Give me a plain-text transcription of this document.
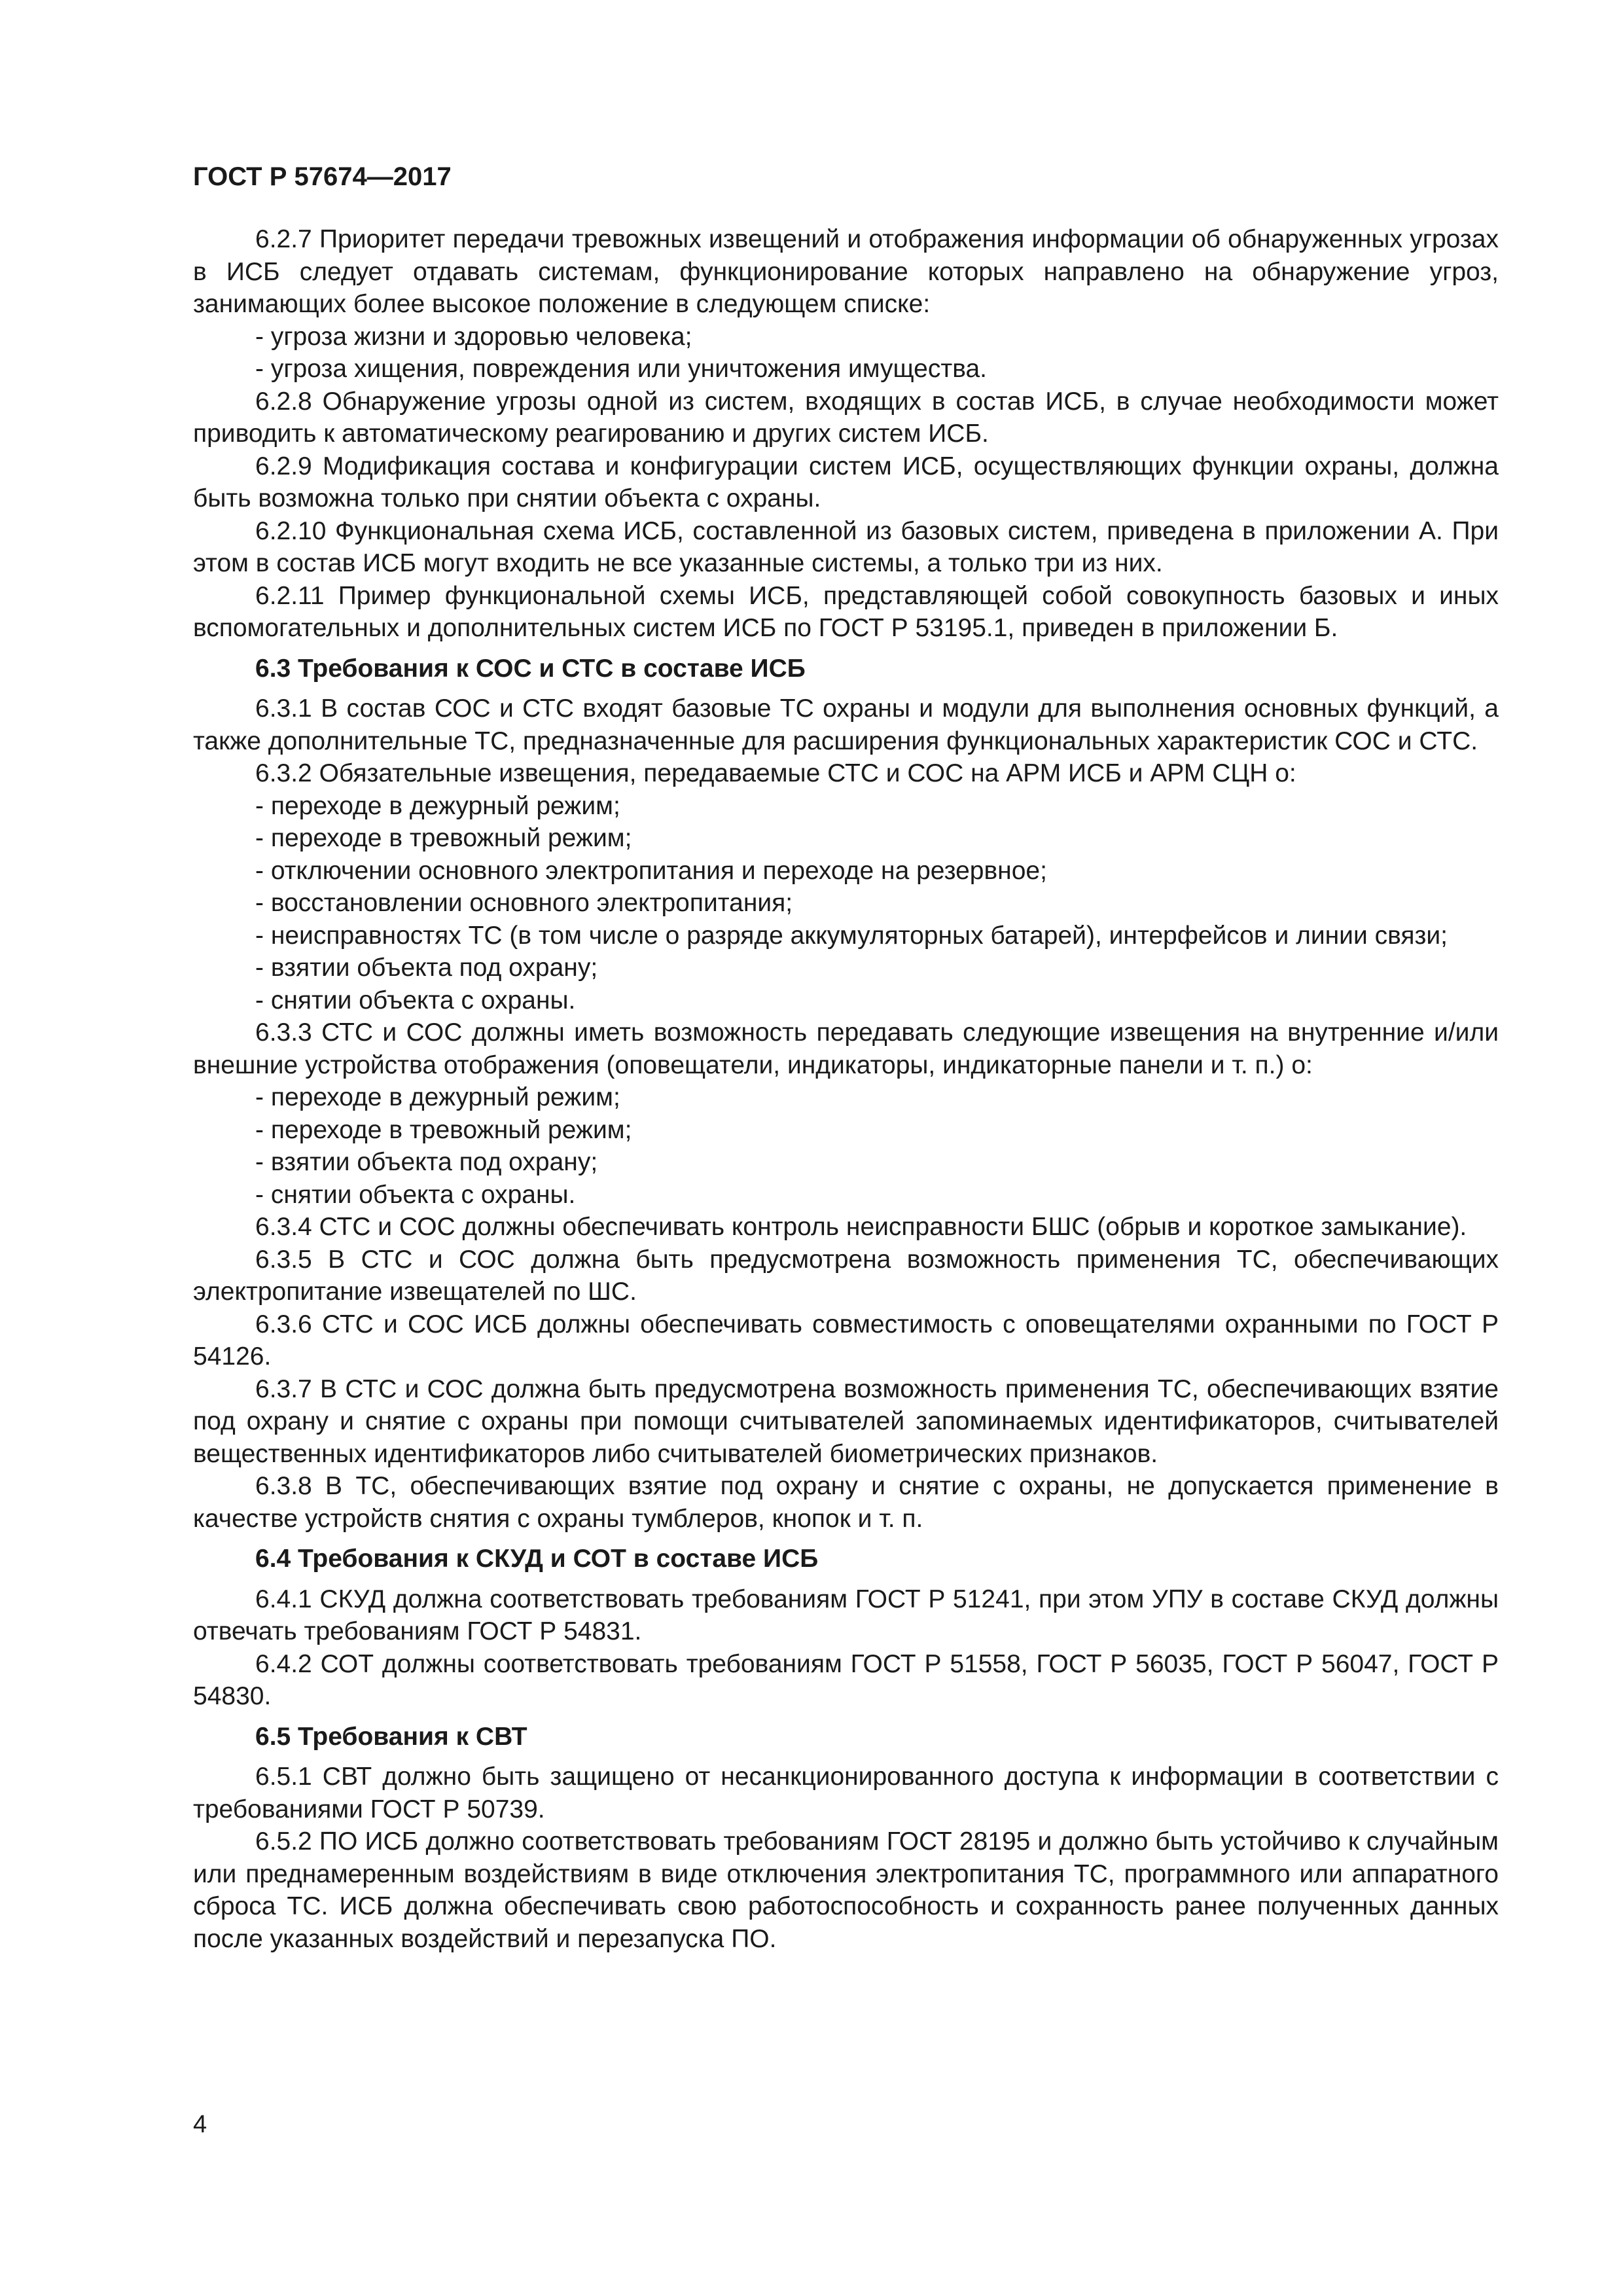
ГОСТ Р 57674—2017

6.2.7 Приоритет передачи тревожных извещений и отображения информации об обнаруженных угрозах в ИСБ следует отдавать системам, функционирование которых направлено на обнаружение угроз, занимающих более высокое положение в следующем списке:

- угроза жизни и здоровью человека;

- угроза хищения, повреждения или уничтожения имущества.

6.2.8 Обнаружение угрозы одной из систем, входящих в состав ИСБ, в случае необходимости может приводить к автоматическому реагированию и других систем ИСБ.

6.2.9 Модификация состава и конфигурации систем ИСБ, осуществляющих функции охраны, должна быть возможна только при снятии объекта с охраны.

6.2.10 Функциональная схема ИСБ, составленной из базовых систем, приведена в приложении А. При этом в состав ИСБ могут входить не все указанные системы, а только три из них.

6.2.11 Пример функциональной схемы ИСБ, представляющей собой совокупность базовых и иных вспомогательных и дополнительных систем ИСБ по ГОСТ Р 53195.1, приведен в приложении Б.

6.3 Требования к СОС и СТС в составе ИСБ

6.3.1 В состав СОС и СТС входят базовые ТС охраны и модули для выполнения основных функций, а также дополнительные ТС, предназначенные для расширения функциональных характеристик СОС и СТС.

6.3.2 Обязательные извещения, передаваемые СТС и СОС на АРМ ИСБ и АРМ СЦН о:

- переходе в дежурный режим;

- переходе в тревожный режим;

- отключении основного электропитания и переходе на резервное;

- восстановлении основного электропитания;

- неисправностях ТС (в том числе о разряде аккумуляторных батарей), интерфейсов и линии связи;

- взятии объекта под охрану;

- снятии объекта с охраны.

6.3.3 СТС и СОС должны иметь возможность передавать следующие извещения на внутренние и/или внешние устройства отображения (оповещатели, индикаторы, индикаторные панели и т. п.) о:

- переходе в дежурный режим;

- переходе в тревожный режим;

- взятии объекта под охрану;

- снятии объекта с охраны.

6.3.4 СТС и СОС должны обеспечивать контроль неисправности БШС (обрыв и короткое замыкание).

6.3.5 В СТС и СОС должна быть предусмотрена возможность применения ТС, обеспечивающих электропитание извещателей по ШС.

6.3.6 СТС и СОС ИСБ должны обеспечивать совместимость с оповещателями охранными по ГОСТ Р 54126.

6.3.7 В СТС и СОС должна быть предусмотрена возможность применения ТС, обеспечивающих взятие под охрану и снятие с охраны при помощи считывателей запоминаемых идентификаторов, считывателей вещественных идентификаторов либо считывателей биометрических признаков.

6.3.8 В ТС, обеспечивающих взятие под охрану и снятие с охраны, не допускается применение в качестве устройств снятия с охраны тумблеров, кнопок и т. п.

6.4 Требования к СКУД и СОТ в составе ИСБ

6.4.1 СКУД должна соответствовать требованиям ГОСТ Р 51241, при этом УПУ в составе СКУД должны отвечать требованиям ГОСТ Р 54831.

6.4.2 СОТ должны соответствовать требованиям ГОСТ Р 51558, ГОСТ Р 56035, ГОСТ Р 56047, ГОСТ Р 54830.

6.5 Требования к СВТ

6.5.1 СВТ должно быть защищено от несанкционированного доступа к информации в соответствии с требованиями ГОСТ Р 50739.

6.5.2 ПО ИСБ должно соответствовать требованиям ГОСТ 28195 и должно быть устойчиво к случайным или преднамеренным воздействиям в виде отключения электропитания ТС, программного или аппаратного сброса ТС. ИСБ должна обеспечивать свою работоспособность и сохранность ранее полученных данных после указанных воздействий и перезапуска ПО.

4
